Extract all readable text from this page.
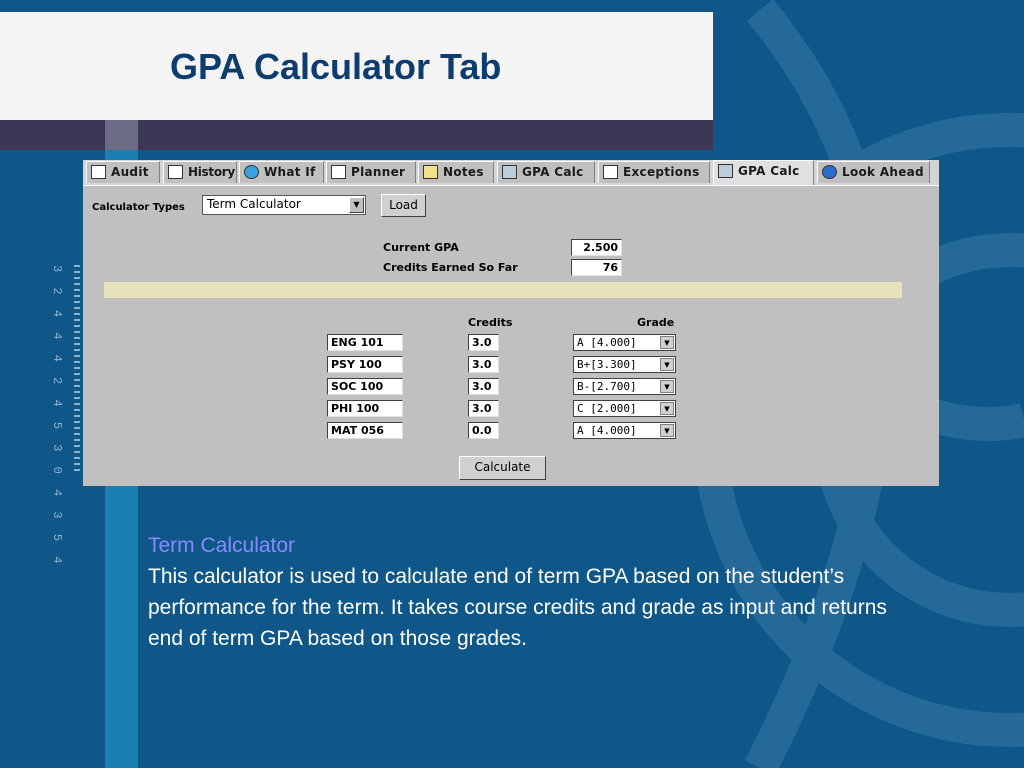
GPA Calculator Tab
3 2 4 4 4 2 4 5 3 0 4 3 5 4
Audit	History What If	Planner	Notes	GPA Calc	Exceptions	GPA Calc	Look Ahead
Calculator Types Term Calculator	▼	Load
Current GPA	2.500
Credits Earned So Far	76
Credits	Grade
ENG 101	3.0	A [4.000]	▼
PSY 100	3.0	B+[3.300]	▼
SOC 100	3.0	B-[2.700]	▼
PHI 100	3.0	C [2.000]	▼
MAT 056	0.0	A [4.000]	▼
Calculate
Term Calculator
This calculator is used to calculate end of term GPA based on the student’s performance for the term. It takes course credits and grade as input and returns end of term GPA based on those grades.
